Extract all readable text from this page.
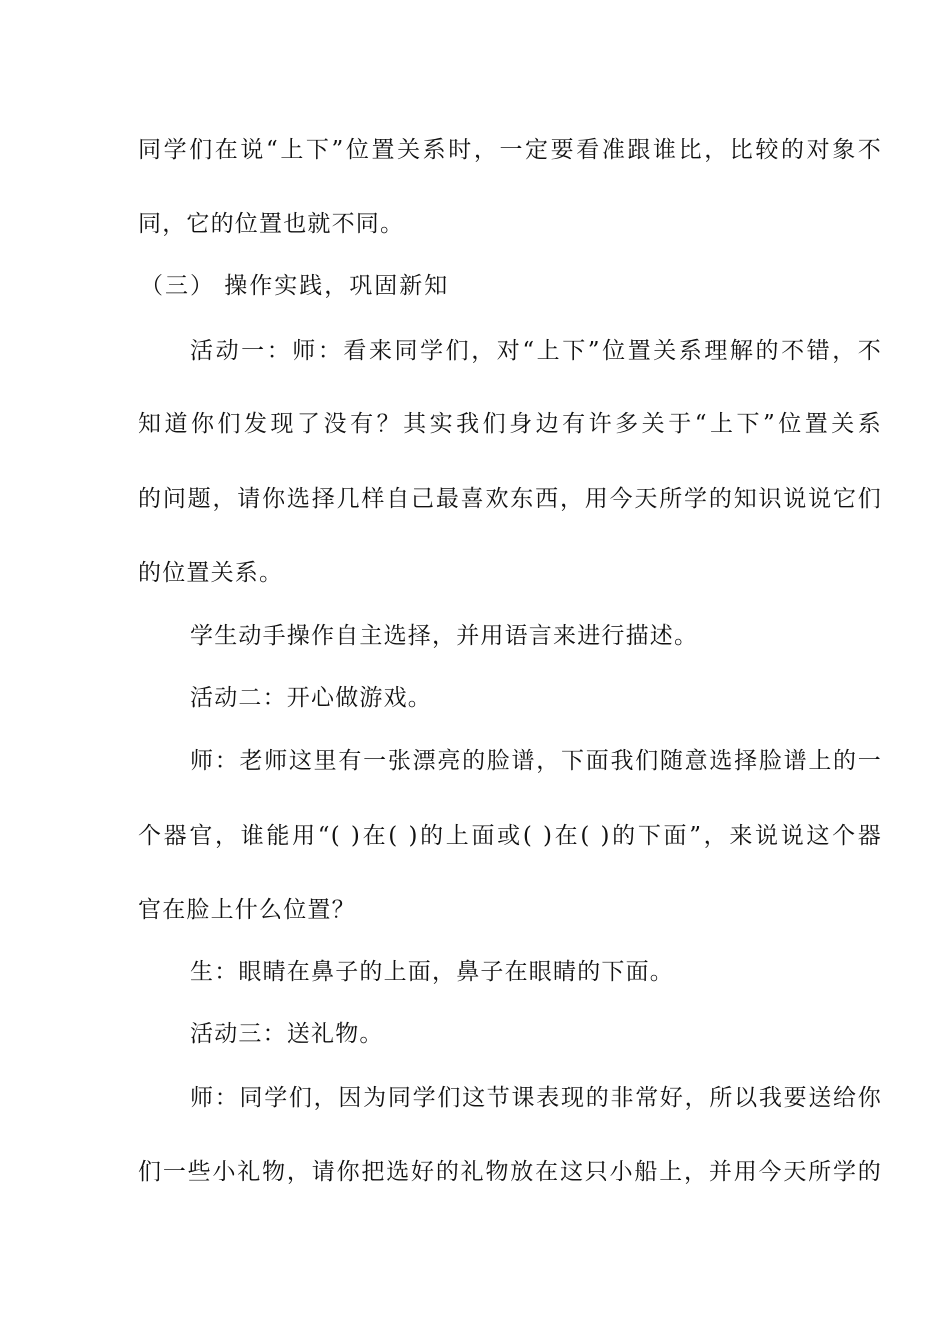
同学们在说“上下”位置关系时，一定要看准跟谁比，比较的对象不
同，它的位置也就不同。
（三） 操作实践，巩固新知
活动一：师：看来同学们，对“上下”位置关系理解的不错，不
知道你们发现了没有？其实我们身边有许多关于“上下”位置关系
的问题，请你选择几样自己最喜欢东西，用今天所学的知识说说它们
的位置关系。
学生动手操作自主选择，并用语言来进行描述。
活动二：开心做游戏。
师：老师这里有一张漂亮的脸谱，下面我们随意选择脸谱上的一
个器官，谁能用“( )在( )的上面或( )在( )的下面”，来说说这个器
官在脸上什么位置？
生：眼睛在鼻子的上面，鼻子在眼睛的下面。
活动三：送礼物。
师：同学们，因为同学们这节课表现的非常好，所以我要送给你
们一些小礼物，请你把选好的礼物放在这只小船上，并用今天所学的
